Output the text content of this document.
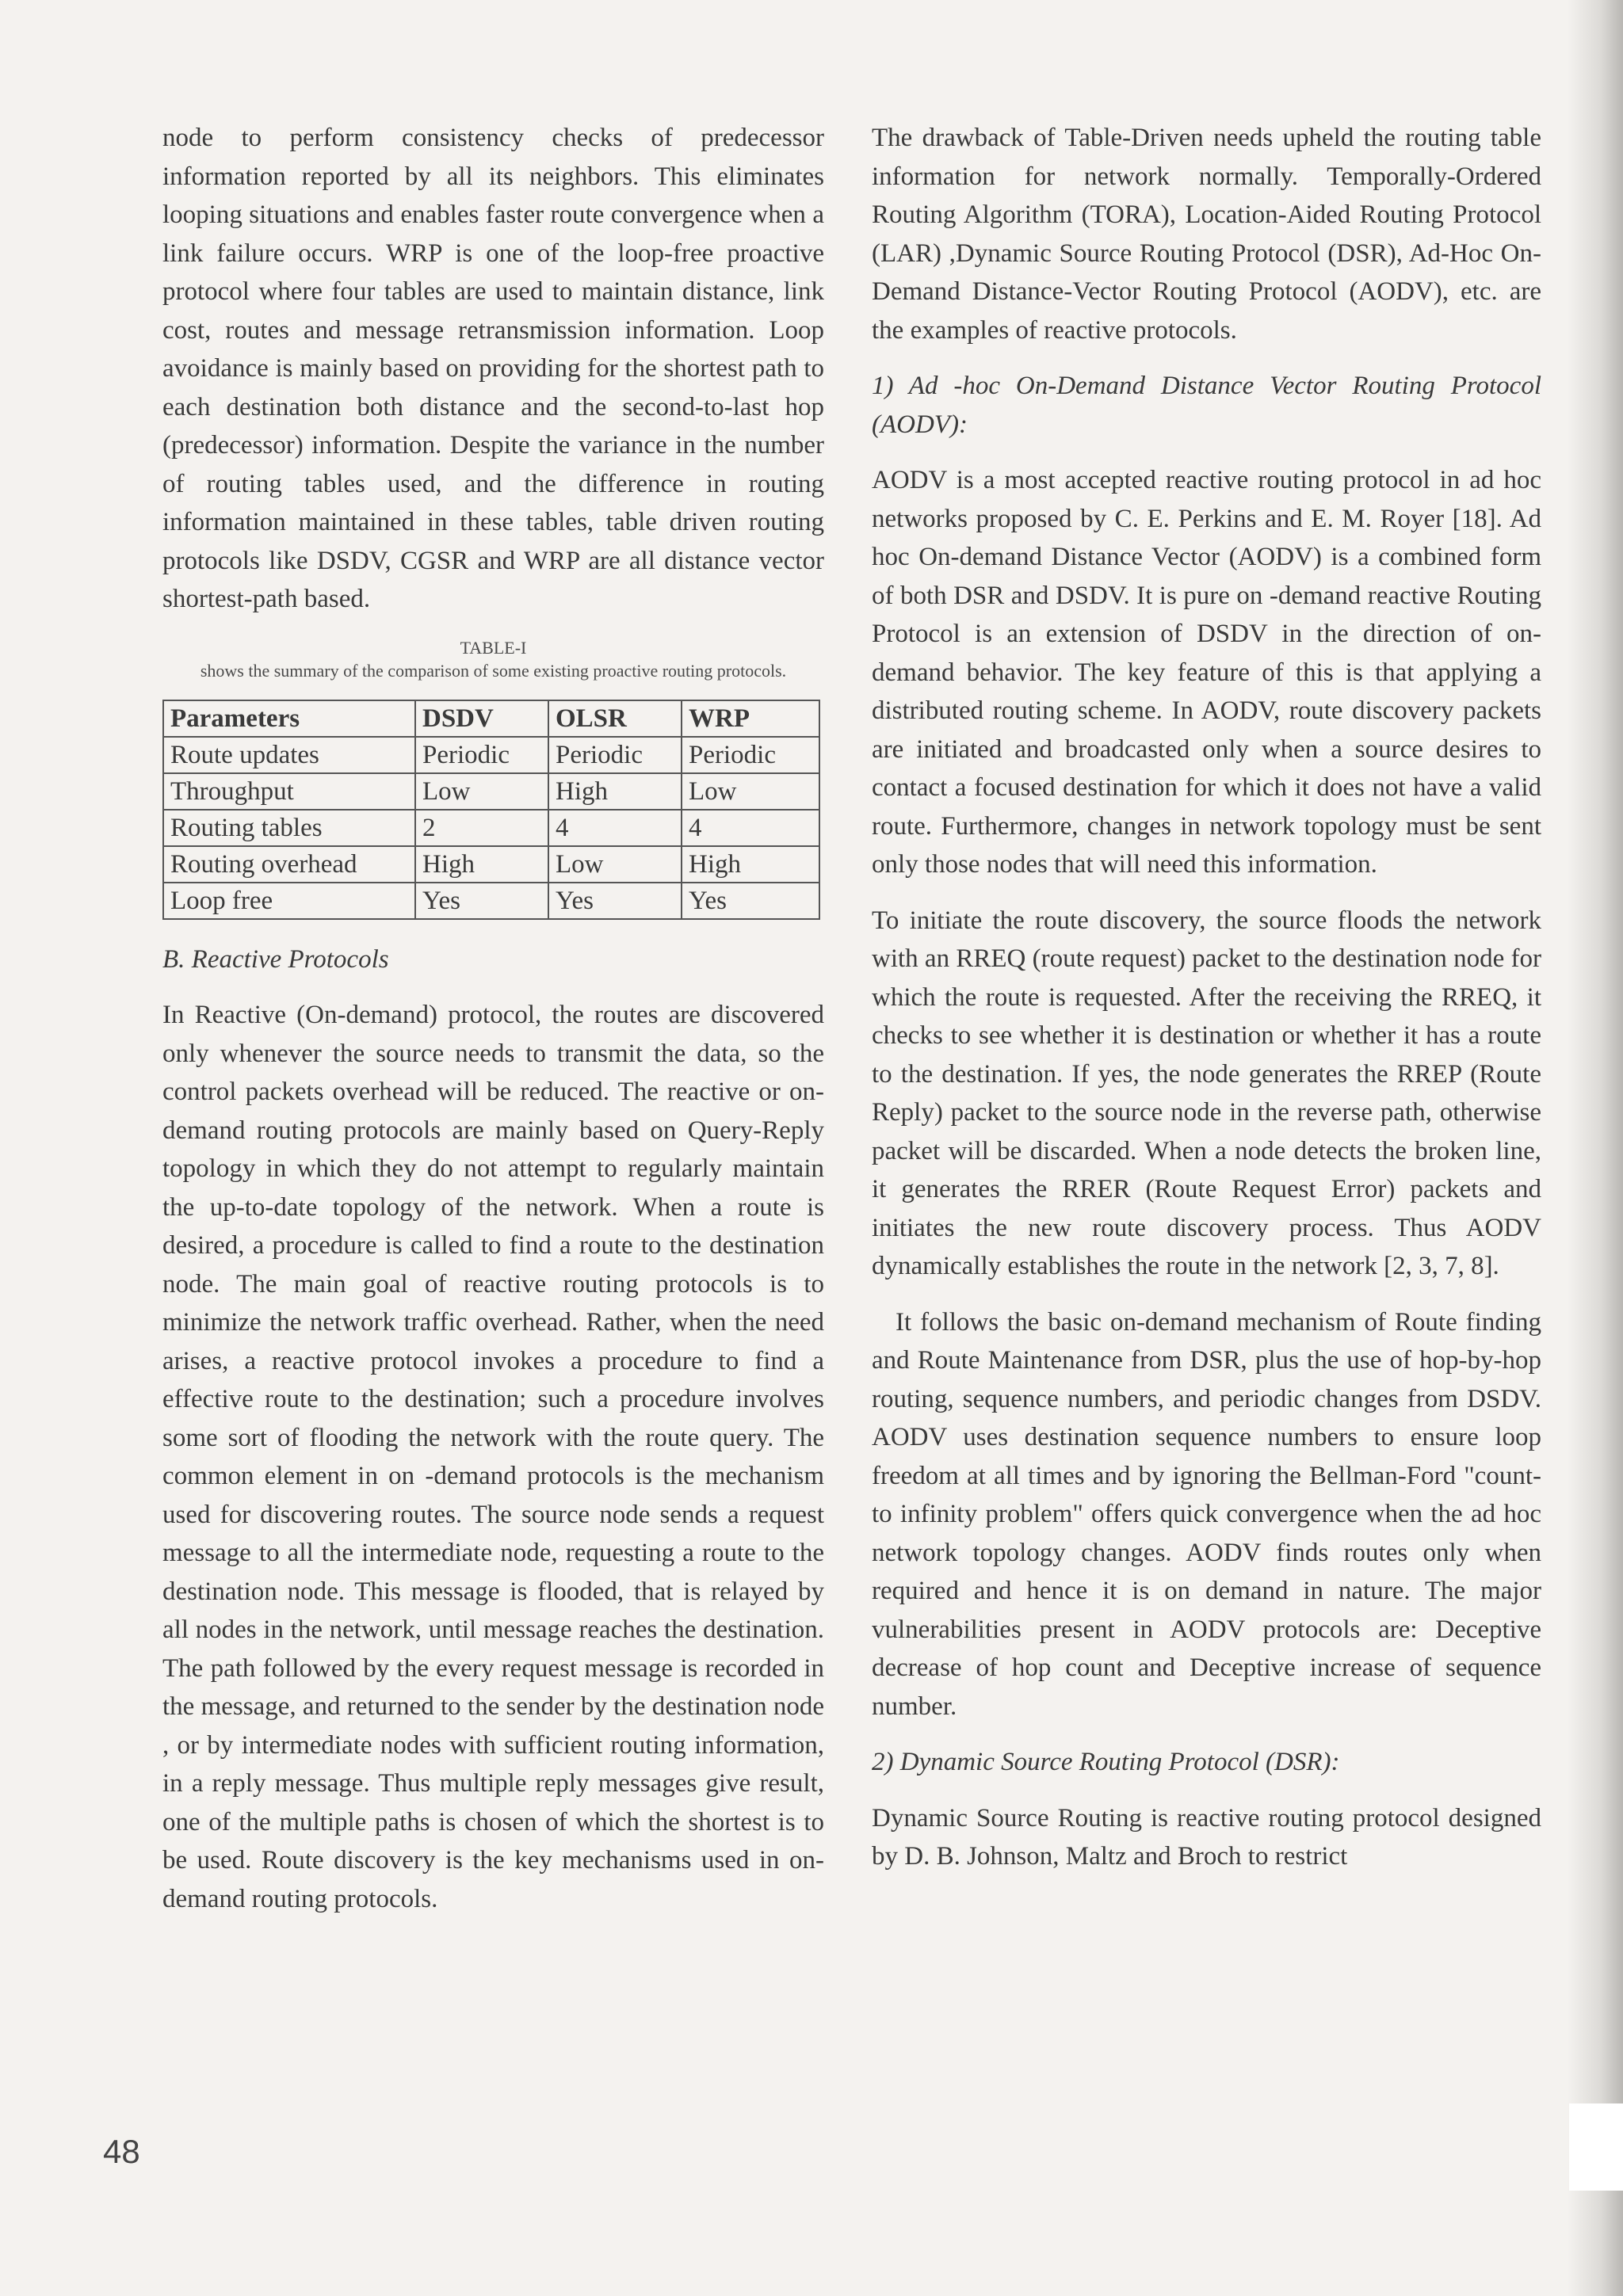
node to perform consistency checks of predecessor information reported by all its neighbors. This eliminates looping situations and enables faster route convergence when a link failure occurs. WRP is one of the loop-free proactive protocol where four tables are used to maintain distance, link cost, routes and message retransmission information. Loop avoidance is mainly based on providing for the shortest path to each destination both distance and the second-to-last hop (predecessor) information. Despite the variance in the number of routing tables used, and the difference in routing information maintained in these tables, table driven routing protocols like DSDV, CGSR and WRP are all distance vector shortest-path based.

TABLE-I
shows the summary of the comparison of some existing proactive routing protocols.
Parameters	DSDV	OLSR	WRP
Route updates	Periodic	Periodic	Periodic
Throughput	Low	High	Low
Routing tables	2	4	4
Routing overhead	High	Low	High
Loop free	Yes	Yes	Yes

B. Reactive Protocols

In Reactive (On-demand) protocol, the routes are discovered only whenever the source needs to transmit the data, so the control packets overhead will be reduced. The reactive or on-demand routing protocols are mainly based on Query-Reply topology in which they do not attempt to regularly maintain the up-to-date topology of the network. When a route is desired, a procedure is called to find a route to the destination node. The main goal of reactive routing protocols is to minimize the network traffic overhead. Rather, when the need arises, a reactive protocol invokes a procedure to find a effective route to the destination; such a procedure involves some sort of flooding the network with the route query. The common element in on -demand protocols is the mechanism used for discovering routes. The source node sends a request message to all the intermediate node, requesting a route to the destination node. This message is flooded, that is relayed by all nodes in the network, until message reaches the destination. The path followed by the every request message is recorded in the message, and returned to the sender by the destination node , or by intermediate nodes with sufficient routing information, in a reply message. Thus multiple reply messages give result, one of the multiple paths is chosen of which the shortest is to be used. Route discovery is the key mechanisms used in on-demand routing protocols.

The drawback of Table-Driven needs upheld the routing table information for network normally. Temporally-Ordered Routing Algorithm (TORA), Location-Aided Routing Protocol (LAR) ,Dynamic Source Routing Protocol (DSR), Ad-Hoc On-Demand Distance-Vector Routing Protocol (AODV), etc. are the examples of reactive protocols.

1) Ad -hoc On-Demand Distance Vector Routing Protocol (AODV):

AODV is a most accepted reactive routing protocol in ad hoc networks proposed by C. E. Perkins and E. M. Royer [18]. Ad hoc On-demand Distance Vector (AODV) is a combined form of both DSR and DSDV. It is pure on -demand reactive Routing Protocol is an extension of DSDV in the direction of on-demand behavior. The key feature of this is that applying a distributed routing scheme. In AODV, route discovery packets are initiated and broadcasted only when a source desires to contact a focused destination for which it does not have a valid route. Furthermore, changes in network topology must be sent only those nodes that will need this information.

To initiate the route discovery, the source floods the network with an RREQ (route request) packet to the destination node for which the route is requested. After the receiving the RREQ, it checks to see whether it is destination or whether it has a route to the destination. If yes, the node generates the RREP (Route Reply) packet to the source node in the reverse path, otherwise packet will be discarded. When a node detects the broken line, it generates the RRER (Route Request Error) packets and initiates the new route discovery process. Thus AODV dynamically establishes the route in the network [2, 3, 7, 8].

It follows the basic on-demand mechanism of Route finding and Route Maintenance from DSR, plus the use of hop-by-hop routing, sequence numbers, and periodic changes from DSDV. AODV uses destination sequence numbers to ensure loop freedom at all times and by ignoring the Bellman-Ford "count-to infinity problem" offers quick convergence when the ad hoc network topology changes. AODV finds routes only when required and hence it is on demand in nature. The major vulnerabilities present in AODV protocols are: Deceptive decrease of hop count and Deceptive increase of sequence number.

2) Dynamic Source Routing Protocol (DSR):

Dynamic Source Routing is reactive routing protocol designed by D. B. Johnson, Maltz and Broch to restrict

48
